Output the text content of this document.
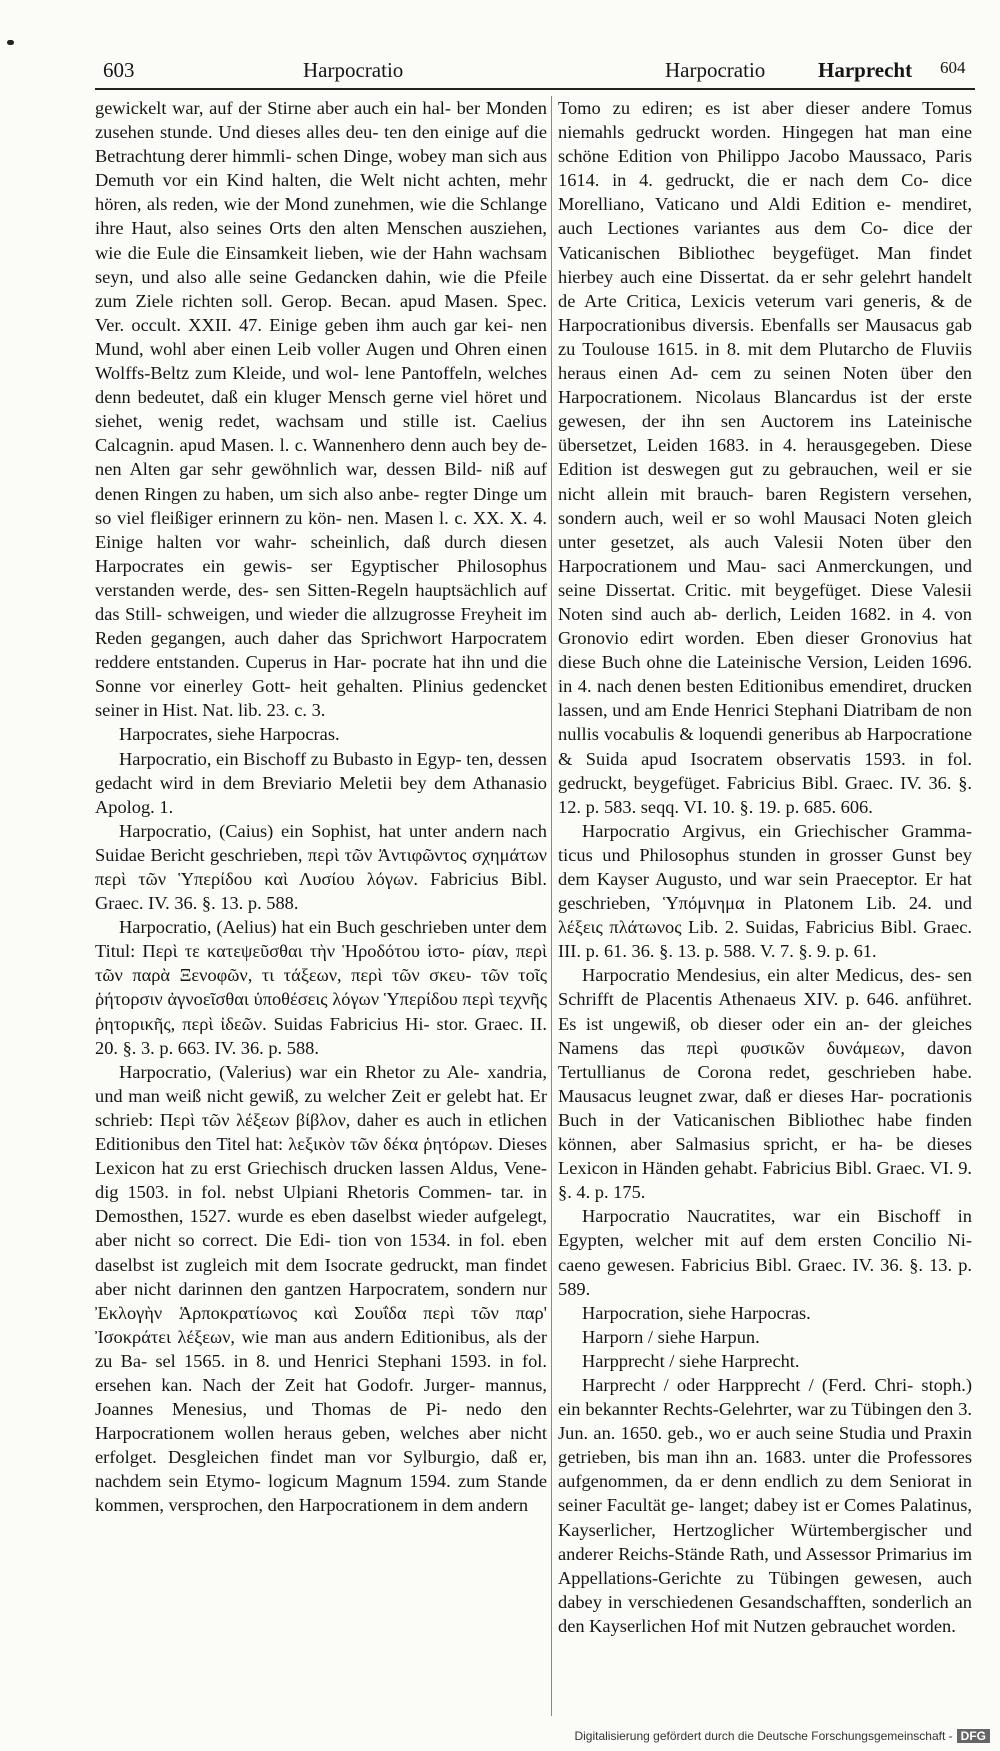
603	Harpocratio	Harpocratio	Harprecht 604

gewickelt war, auf der Stirne aber auch ein hal- ber Monden zusehen stunde. Und dieses alles deu- ten den einige auf die Betrachtung derer himmli- schen Dinge, wobey man sich aus Demuth vor ein Kind halten, die Welt nicht achten, mehr hören, als reden, wie der Mond zunehmen, wie die Schlange ihre Haut, also seines Orts den alten Menschen ausziehen, wie die Eule die Einsamkeit lieben, wie der Hahn wachsam seyn, und also alle seine Gedancken dahin, wie die Pfeile zum Ziele richten soll. Gerop. Becan. apud Masen. Spec. Ver. occult. XXII. 47. Einige geben ihm auch gar kei- nen Mund, wohl aber einen Leib voller Augen und Ohren einen Wolffs-Beltz zum Kleide, und wol- lene Pantoffeln, welches denn bedeutet, daß ein kluger Mensch gerne viel höret und siehet, wenig redet, wachsam und stille ist. Caelius Calcagnin. apud Masen. l. c. Wannenhero denn auch bey de- nen Alten gar sehr gewöhnlich war, dessen Bild- niß auf denen Ringen zu haben, um sich also anbe- regter Dinge um so viel fleißiger erinnern zu kön- nen. Masen l. c. XX. X. 4. Einige halten vor wahr- scheinlich, daß durch diesen Harpocrates ein gewis- ser Egyptischer Philosophus verstanden werde, des- sen Sitten-Regeln hauptsächlich auf das Still- schweigen, und wieder die allzugrosse Freyheit im Reden gegangen, auch daher das Sprichwort Harpocratem reddere entstanden. Cuperus in Har- pocrate hat ihn und die Sonne vor einerley Gott- heit gehalten. Plinius gedencket seiner in Hist. Nat. lib. 23. c. 3.

Harpocrates, siehe Harpocras.

Harpocratio, ein Bischoff zu Bubasto in Egyp- ten, dessen gedacht wird in dem Breviario Meletii bey dem Athanasio Apolog. 1.

Harpocratio, (Caius) ein Sophist, hat unter andern nach Suidae Bericht geschrieben, περὶ τῶν Ἀντιφῶντος σχημάτων περὶ τῶν Ὑπερίδου καὶ Λυσίου λόγων. Fabricius Bibl. Graec. IV. 36. §. 13. p. 588.

Harpocratio, (Aelius) hat ein Buch geschrieben unter dem Titul: Περὶ τε κατεψεῦσθαι τὴν Ἡροδότου ἱστο- ρίαν, περὶ τῶν παρὰ Ξενοφῶν, τι τάξεων, περὶ τῶν σκευ- τῶν τοῖς ῥήτορσιν ἀγνοεῖσθαι ὑποθέσεις λόγων Ὑπερίδου περὶ τεχνῆς ῥητορικῆς, περὶ ἰδεῶν. Suidas Fabricius Hi- stor. Graec. II. 20. §. 3. p. 663. IV. 36. p. 588.

Harpocratio, (Valerius) war ein Rhetor zu Ale- xandria, und man weiß nicht gewiß, zu welcher Zeit er gelebt hat. Er schrieb: Περὶ τῶν λέξεων βίβλον, daher es auch in etlichen Editionibus den Titel hat: λεξικὸν τῶν δέκα ῥητόρων. Dieses Lexicon hat zu erst Griechisch drucken lassen Aldus, Vene- dig 1503. in fol. nebst Ulpiani Rhetoris Commen- tar. in Demosthen, 1527. wurde es eben daselbst wieder aufgelegt, aber nicht so correct. Die Edi- tion von 1534. in fol. eben daselbst ist zugleich mit dem Isocrate gedruckt, man findet aber nicht darinnen den gantzen Harpocratem, sondern nur Ἐκλογὴν Ἁρποκρατίωνος καὶ Σουΐδα περὶ τῶν παρ' Ἰσοκράτει λέξεων, wie man aus andern Editionibus, als der zu Ba- sel 1565. in 8. und Henrici Stephani 1593. in fol. ersehen kan. Nach der Zeit hat Godofr. Jurger- mannus, Joannes Menesius, und Thomas de Pi- nedo den Harpocrationem wollen heraus geben, welches aber nicht erfolget. Desgleichen findet man vor Sylburgio, daß er, nachdem sein Etymo- logicum Magnum 1594. zum Stande kommen, versprochen, den Harpocrationem in dem andern

Tomo zu ediren; es ist aber dieser andere Tomus niemahls gedruckt worden. Hingegen hat man eine schöne Edition von Philippo Jacobo Maussaco, Paris 1614. in 4. gedruckt, die er nach dem Co- dice Morelliano, Vaticano und Aldi Edition e- mendiret, auch Lectiones variantes aus dem Co- dice der Vaticanischen Bibliothec beygefüget. Man findet hierbey auch eine Dissertat. da er sehr gelehrt handelt de Arte Critica, Lexicis veterum vari generis, & de Harpocrationibus diversis. Ebenfalls ser Mausacus gab zu Toulouse 1615. in 8. mit dem Plutarcho de Fluviis heraus einen Ad- cem zu seinen Noten über den Harpocrationem. Nicolaus Blancardus ist der erste gewesen, der ihn sen Auctorem ins Lateinische übersetzet, Leiden 1683. in 4. herausgegeben. Diese Edition ist deswegen gut zu gebrauchen, weil er sie nicht allein mit brauch- baren Registern versehen, sondern auch, weil er so wohl Mausaci Noten gleich unter gesetzet, als auch Valesii Noten über den Harpocrationem und Mau- saci Anmerckungen, und seine Dissertat. Critic. mit beygefüget. Diese Valesii Noten sind auch ab- derlich, Leiden 1682. in 4. von Gronovio edirt worden. Eben dieser Gronovius hat diese Buch ohne die Lateinische Version, Leiden 1696. in 4. nach denen besten Editionibus emendiret, drucken lassen, und am Ende Henrici Stephani Diatribam de non nullis vocabulis & loquendi generibus ab Harpocratione & Suida apud Isocratem observatis 1593. in fol. gedruckt, beygefüget. Fabricius Bibl. Graec. IV. 36. §. 12. p. 583. seqq. VI. 10. §. 19. p. 685. 606.

Harpocratio Argivus, ein Griechischer Gramma- ticus und Philosophus stunden in grosser Gunst bey dem Kayser Augusto, und war sein Praeceptor. Er hat geschrieben, Ὑπόμνημα in Platonem Lib. 24. und λέξεις πλάτωνος Lib. 2. Suidas, Fabricius Bibl. Graec. III. p. 61. 36. §. 13. p. 588. V. 7. §. 9. p. 61.

Harpocratio Mendesius, ein alter Medicus, des- sen Schrifft de Placentis Athenaeus XIV. p. 646. anführet. Es ist ungewiß, ob dieser oder ein an- der gleiches Namens das περὶ φυσικῶν δυνάμεων, davon Tertullianus de Corona redet, geschrieben habe. Mausacus leugnet zwar, daß er dieses Har- pocrationis Buch in der Vaticanischen Bibliothec habe finden können, aber Salmasius spricht, er ha- be dieses Lexicon in Händen gehabt. Fabricius Bibl. Graec. VI. 9. §. 4. p. 175.

Harpocratio Naucratites, war ein Bischoff in Egypten, welcher mit auf dem ersten Concilio Ni- caeno gewesen. Fabricius Bibl. Graec. IV. 36. §. 13. p. 589.

Harpocration, siehe Harpocras.

Harporn / siehe Harpun.

Harpprecht / siehe Harprecht.

Harprecht / oder Harpprecht / (Ferd. Chri- stoph.) ein bekannter Rechts-Gelehrter, war zu Tübingen den 3. Jun. an. 1650. geb., wo er auch seine Studia und Praxin getrieben, bis man ihn an. 1683. unter die Professores aufgenommen, da er denn endlich zu dem Seniorat in seiner Facultät ge- langet; dabey ist er Comes Palatinus, Kayserlicher, Hertzoglicher Würtembergischer und anderer Reichs-Stände Rath, und Assessor Primarius im Appellations-Gerichte zu Tübingen gewesen, auch dabey in verschiedenen Gesandschafften, sonderlich an den Kayserlichen Hof mit Nutzen gebrauchet worden.

Digitalisierung gefördert durch die Deutsche Forschungsgemeinschaft - DFG
